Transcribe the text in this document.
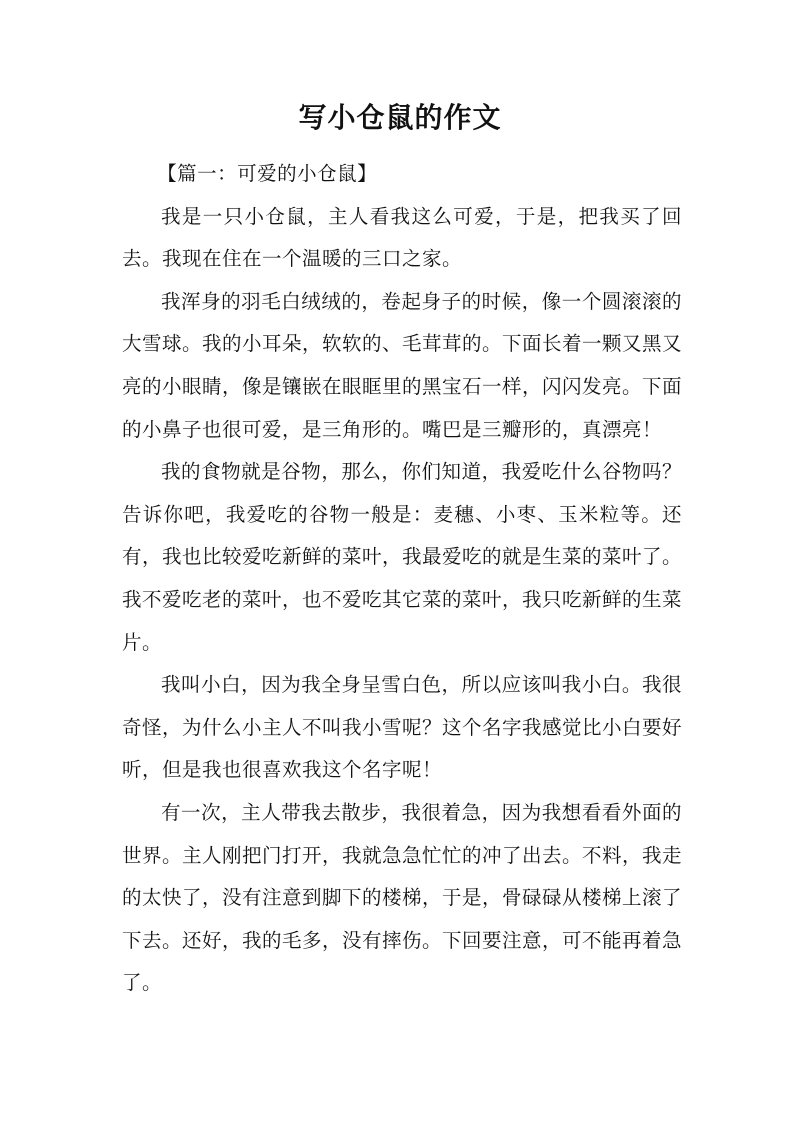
写小仓鼠的作文

【篇一：可爱的小仓鼠】

我是一只小仓鼠，主人看我这么可爱，于是，把我买了回去。我现在住在一个温暖的三口之家。

我浑身的羽毛白绒绒的，卷起身子的时候，像一个圆滚滚的大雪球。我的小耳朵，软软的、毛茸茸的。下面长着一颗又黑又亮的小眼睛，像是镶嵌在眼眶里的黑宝石一样，闪闪发亮。下面的小鼻子也很可爱，是三角形的。嘴巴是三瓣形的，真漂亮！

我的食物就是谷物，那么，你们知道，我爱吃什么谷物吗？告诉你吧，我爱吃的谷物一般是：麦穗、小枣、玉米粒等。还有，我也比较爱吃新鲜的菜叶，我最爱吃的就是生菜的菜叶了。我不爱吃老的菜叶，也不爱吃其它菜的菜叶，我只吃新鲜的生菜片。

我叫小白，因为我全身呈雪白色，所以应该叫我小白。我很奇怪，为什么小主人不叫我小雪呢？这个名字我感觉比小白要好听，但是我也很喜欢我这个名字呢！

有一次，主人带我去散步，我很着急，因为我想看看外面的世界。主人刚把门打开，我就急急忙忙的冲了出去。不料，我走的太快了，没有注意到脚下的楼梯，于是，骨碌碌从楼梯上滚了下去。还好，我的毛多，没有摔伤。下回要注意，可不能再着急了。
